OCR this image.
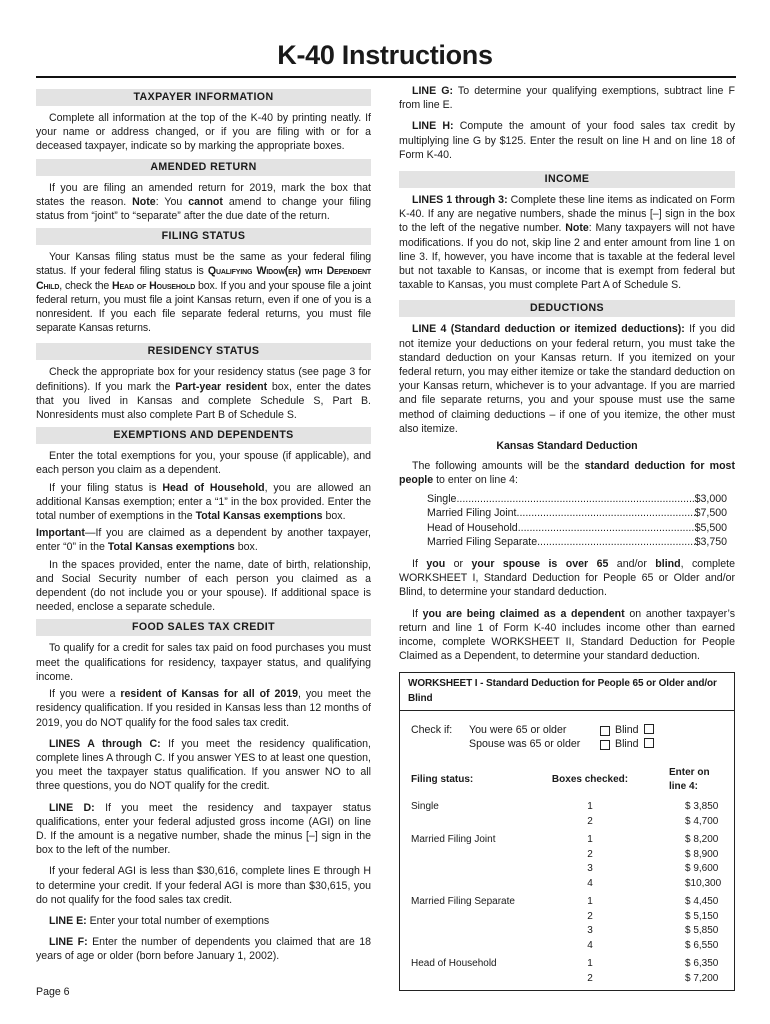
K-40 Instructions
TAXPAYER INFORMATION

Complete all information at the top of the K-40 by printing neatly. If your name or address changed, or if you are filing with or for a deceased taxpayer, indicate so by marking the appropriate boxes.

AMENDED RETURN

If you are filing an amended return for 2019, mark the box that states the reason. Note: You cannot amend to change your filing status from “joint” to “separate” after the due date of the return.

FILING STATUS

Your Kansas filing status must be the same as your federal filing status. If your federal filing status is Qualifying Widow(er) with Dependent Child, check the Head of Household box. If you and your spouse file a joint federal return, you must file a joint Kansas return, even if one of you is a nonresident. If you each file separate federal returns, you must file separate Kansas returns.

RESIDENCY STATUS

Check the appropriate box for your residency status (see page 3 for definitions). If you mark the Part-year resident box, enter the dates that you lived in Kansas and complete Schedule S, Part B. Nonresidents must also complete Part B of Schedule S.

EXEMPTIONS AND DEPENDENTS

Enter the total exemptions for you, your spouse (if applicable), and each person you claim as a dependent.

If your filing status is Head of Household, you are allowed an additional Kansas exemption; enter a “1” in the box provided. Enter the total number of exemptions in the Total Kansas exemptions box.

Important—If you are claimed as a dependent by another taxpayer, enter “0” in the Total Kansas exemptions box.

In the spaces provided, enter the name, date of birth, relationship, and Social Security number of each person you claimed as a dependent (do not include you or your spouse). If additional space is needed, enclose a separate schedule.

FOOD SALES TAX CREDIT

To qualify for a credit for sales tax paid on food purchases you must meet the qualifications for residency, taxpayer status, and qualifying income.

If you were a resident of Kansas for all of 2019, you meet the residency qualification. If you resided in Kansas less than 12 months of 2019, you do NOT qualify for the food sales tax credit.

LINES A through C: If you meet the residency qualification, complete lines A through C. If you answer YES to at least one question, you meet the taxpayer status qualification. If you answer NO to all three questions, you do NOT qualify for the credit.

LINE D: If you meet the residency and taxpayer status qualifications, enter your federal adjusted gross income (AGI) on line D. If the amount is a negative number, shade the minus [–] sign in the box to the left of the number.

If your federal AGI is less than $30,616, complete lines E through H to determine your credit. If your federal AGI is more than $30,615, you do not qualify for the food sales tax credit.

LINE E: Enter your total number of exemptions

LINE F: Enter the number of dependents you claimed that are 18 years of age or older (born before January 1, 2002).

LINE G: To determine your qualifying exemptions, subtract line F from line E.

LINE H: Compute the amount of your food sales tax credit by multiplying line G by $125. Enter the result on line H and on line 18 of Form K-40.

INCOME

LINES 1 through 3: Complete these line items as indicated on Form K-40. If any are negative numbers, shade the minus [–] sign in the box to the left of the negative number. Note: Many taxpayers will not have modifications. If you do not, skip line 2 and enter amount from line 1 on line 3. If, however, you have income that is taxable at the federal level but not taxable to Kansas, or income that is exempt from federal but taxable to Kansas, you must complete Part A of Schedule S.

DEDUCTIONS

LINE 4 (Standard deduction or itemized deductions): If you did not itemize your deductions on your federal return, you must take the standard deduction on your Kansas return. If you itemized on your federal return, you may either itemize or take the standard deduction on your Kansas return, whichever is to your advantage. If you are married and file separate returns, you and your spouse must use the same method of claiming deductions – if one of you itemize, the other must also itemize.

Kansas Standard Deduction

The following amounts will be the standard deduction for most people to enter on line 4:

Single .....	$3,000
Married Filing Joint .....	$7,500
Head of Household .....	$5,500
Married Filing Separate .....	$3,750

If you or your spouse is over 65 and/or blind, complete WORKSHEET I, Standard Deduction for People 65 or Older and/or Blind, to determine your standard deduction.

If you are being claimed as a dependent on another taxpayer’s return and line 1 of Form K-40 includes income other than earned income, complete WORKSHEET II, Standard Deduction for People Claimed as a Dependent, to determine your standard deduction.

WORKSHEET I - Standard Deduction for People 65 or Older and/or Blind
Check if:	You were 65 or older	Blind
Spouse was 65 or older	Blind
Filing status:	Boxes checked:	Enter on line 4:
Single	1	$ 3,850
	2	$ 4,700
Married Filing Joint	1	$ 8,200
	2	$ 8,900
	3	$ 9,600
	4	$10,300
Married Filing Separate	1	$ 4,450
	2	$ 5,150
	3	$ 5,850
	4	$ 6,550
Head of Household	1	$ 6,350
	2	$ 7,200
Page 6
